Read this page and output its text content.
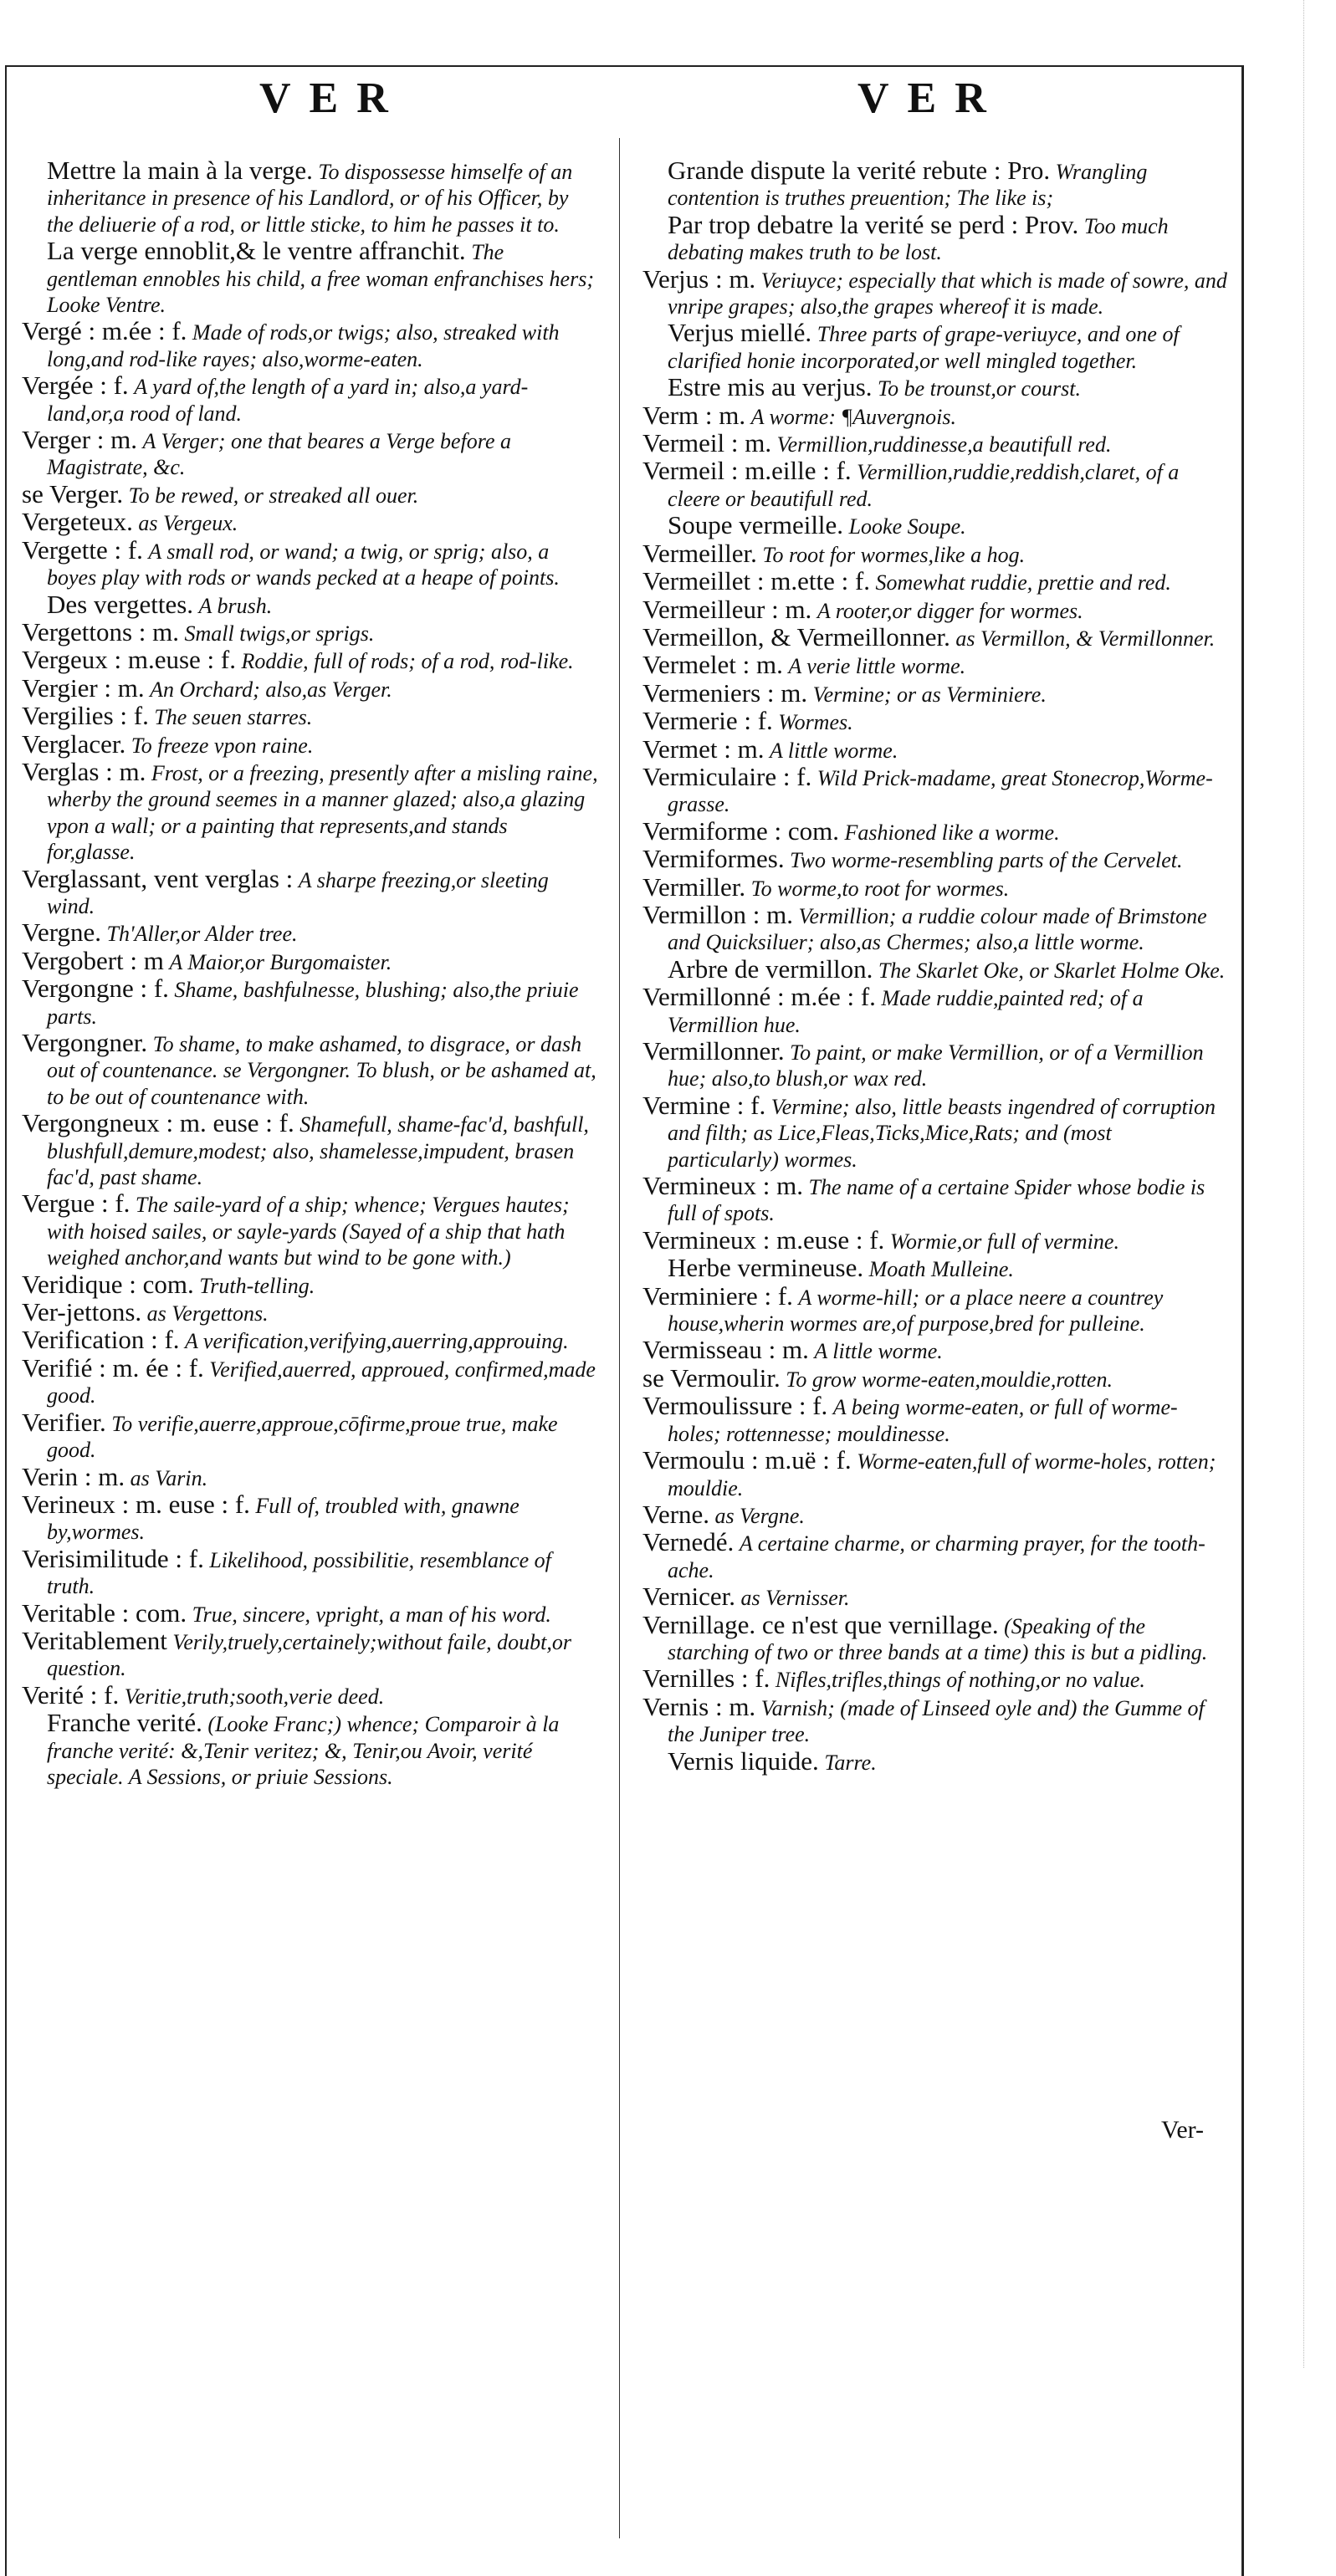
VER	VER

Mettre la main à la verge. To dispossesse himselfe of an inheritance in presence of his Landlord, or of his Officer, by the deliuerie of a rod, or little sticke, to him he passes it to.

La verge ennoblit,& le ventre affranchit. The gentleman ennobles his child, a free woman enfranchises hers; Looke Ventre.

Vergé : m.ée : f. Made of rods,or twigs; also, streaked with long,and rod-like rayes; also,worme-eaten.

Vergée : f. A yard of,the length of a yard in; also,a yard-land,or,a rood of land.

Verger : m. A Verger; one that beares a Verge before a Magistrate, &c.

se Verger. To be rewed, or streaked all ouer.

Vergeteux. as Vergeux.

Vergette : f. A small rod, or wand; a twig, or sprig; also, a boyes play with rods or wands pecked at a heape of points.

Des vergettes. A brush.

Vergettons : m. Small twigs,or sprigs.

Vergeux : m.euse : f. Roddie, full of rods; of a rod, rod-like.

Vergier : m. An Orchard; also,as Verger.

Vergilies : f. The seuen starres.

Verglacer. To freeze vpon raine.

Verglas : m. Frost, or a freezing, presently after a misling raine, wherby the ground seemes in a manner glazed; also,a glazing vpon a wall; or a painting that represents,and stands for,glasse.

Verglassant, vent verglas : A sharpe freezing,or sleeting wind.

Vergne. Th'Aller,or Alder tree.

Vergobert : m A Maior,or Burgomaister.

Vergongne : f. Shame, bashfulnesse, blushing; also,the priuie parts.

Vergongner. To shame, to make ashamed, to disgrace, or dash out of countenance. se Vergongner. To blush, or be ashamed at, to be out of countenance with.

Vergongneux : m. euse : f. Shamefull, shame-fac'd, bashfull, blushfull,demure,modest; also, shamelesse,impudent, brasen fac'd, past shame.

Vergue : f. The saile-yard of a ship; whence; Vergues hautes; with hoised sailes, or sayle-yards (Sayed of a ship that hath weighed anchor,and wants but wind to be gone with.)

Veridique : com. Truth-telling.

Ver-jettons. as Vergettons.

Verification : f. A verification,verifying,auerring,approuing.

Verifié : m. ée : f. Verified,auerred, approued, confirmed,made good.

Verifier. To verifie,auerre,approue,cōfirme,proue true, make good.

Verin : m. as Varin.

Verineux : m. euse : f. Full of, troubled with, gnawne by,wormes.

Verisimilitude : f. Likelihood, possibilitie, resemblance of truth.

Veritable : com. True, sincere, vpright, a man of his word.

Veritablement Verily,truely,certainely;without faile, doubt,or question.

Verité : f. Veritie,truth;sooth,verie deed.

Franche verité. (Looke Franc;) whence; Comparoir à la franche verité: &,Tenir veritez; &, Tenir,ou Avoir, verité speciale. A Sessions, or priuie Sessions.

Grande dispute la verité rebute : Pro. Wrangling contention is truthes preuention; The like is;

Par trop debatre la verité se perd : Prov. Too much debating makes truth to be lost.

Verjus : m. Veriuyce; especially that which is made of sowre, and vnripe grapes; also,the grapes whereof it is made.

Verjus miellé. Three parts of grape-veriuyce, and one of clarified honie incorporated,or well mingled together.

Estre mis au verjus. To be trounst,or courst.

Verm : m. A worme: ¶Auvergnois.

Vermeil : m. Vermillion,ruddinesse,a beautifull red.

Vermeil : m.eille : f. Vermillion,ruddie,reddish,claret, of a cleere or beautifull red.

Soupe vermeille. Looke Soupe.

Vermeiller. To root for wormes,like a hog.

Vermeillet : m.ette : f. Somewhat ruddie, prettie and red.

Vermeilleur : m. A rooter,or digger for wormes.

Vermeillon, & Vermeillonner. as Vermillon, & Vermillonner.

Vermelet : m. A verie little worme.

Vermeniers : m. Vermine; or as Verminiere.

Vermerie : f. Wormes.

Vermet : m. A little worme.

Vermiculaire : f. Wild Prick-madame, great Stonecrop,Worme-grasse.

Vermiforme : com. Fashioned like a worme.

Vermiformes. Two worme-resembling parts of the Cervelet.

Vermiller. To worme,to root for wormes.

Vermillon : m. Vermillion; a ruddie colour made of Brimstone and Quicksiluer; also,as Chermes; also,a little worme.

Arbre de vermillon. The Skarlet Oke, or Skarlet Holme Oke.

Vermillonné : m.ée : f. Made ruddie,painted red; of a Vermillion hue.

Vermillonner. To paint, or make Vermillion, or of a Vermillion hue; also,to blush,or wax red.

Vermine : f. Vermine; also, little beasts ingendred of corruption and filth; as Lice,Fleas,Ticks,Mice,Rats; and (most particularly) wormes.

Vermineux : m. The name of a certaine Spider whose bodie is full of spots.

Vermineux : m.euse : f. Wormie,or full of vermine.

Herbe vermineuse. Moath Mulleine.

Verminiere : f. A worme-hill; or a place neere a countrey house,wherin wormes are,of purpose,bred for pulleine.

Vermisseau : m. A little worme.

se Vermoulir. To grow worme-eaten,mouldie,rotten.

Vermoulissure : f. A being worme-eaten, or full of worme-holes; rottennesse; mouldinesse.

Vermoulu : m.uë : f. Worme-eaten,full of worme-holes, rotten; mouldie.

Verne. as Vergne.

Vernedé. A certaine charme, or charming prayer, for the tooth-ache.

Vernicer. as Vernisser.

Vernillage. ce n'est que vernillage. (Speaking of the starching of two or three bands at a time) this is but a pidling.

Vernilles : f. Nifles,trifles,things of nothing,or no value.

Vernis : m. Varnish; (made of Linseed oyle and) the Gumme of the Juniper tree.

Vernis liquide. Tarre.

Ver-
